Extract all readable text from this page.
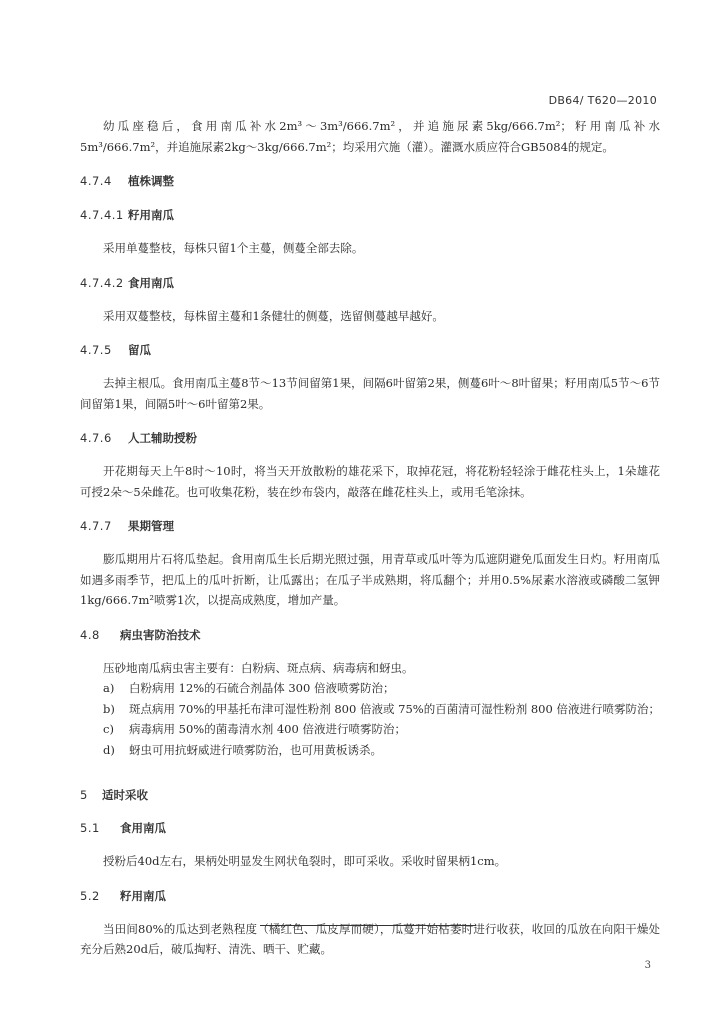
DB64/ T620—2010
幼瓜座稳后，食用南瓜补水2m³～3m³/666.7m²，并追施尿素5kg/666.7m²；籽用南瓜补水5m³/666.7m²，并追施尿素2kg～3kg/666.7m²；均采用穴施（灌）。灌溉水质应符合GB5084的规定。
4.7.4 植株调整
4.7.4.1 籽用南瓜
采用单蔓整枝，每株只留1个主蔓，侧蔓全部去除。
4.7.4.2 食用南瓜
采用双蔓整枝，每株留主蔓和1条健壮的侧蔓，选留侧蔓越早越好。
4.7.5 留瓜
去掉主根瓜。食用南瓜主蔓8节～13节间留第1果，间隔6叶留第2果，侧蔓6叶～8叶留果；籽用南瓜5节～6节间留第1果，间隔5叶～6叶留第2果。
4.7.6 人工辅助授粉
开花期每天上午8时～10时，将当天开放散粉的雄花采下，取掉花冠，将花粉轻轻涂于雌花柱头上，1朵雄花可授2朵～5朵雌花。也可收集花粉，装在纱布袋内，敲落在雌花柱头上，或用毛笔涂抹。
4.7.7 果期管理
膨瓜期用片石将瓜垫起。食用南瓜生长后期光照过强，用青草或瓜叶等为瓜遮阴避免瓜面发生日灼。籽用南瓜如遇多雨季节，把瓜上的瓜叶折断，让瓜露出；在瓜子半成熟期，将瓜翻个；并用0.5%尿素水溶液或磷酸二氢钾1kg/666.7m²喷雾1次，以提高成熟度，增加产量。
4.8 病虫害防治技术
压砂地南瓜病虫害主要有：白粉病、斑点病、病毒病和蚜虫。
a) 白粉病用 12%的石硫合剂晶体 300 倍液喷雾防治；
b) 斑点病用 70%的甲基托布津可湿性粉剂 800 倍液或 75%的百菌清可湿性粉剂 800 倍液进行喷雾防治；
c) 病毒病用 50%的菌毒清水剂 400 倍液进行喷雾防治；
d) 蚜虫可用抗蚜威进行喷雾防治，也可用黄板诱杀。
5 适时采收
5.1 食用南瓜
授粉后40d左右，果柄处明显发生网状龟裂时，即可采收。采收时留果柄1cm。
5.2 籽用南瓜
当田间80%的瓜达到老熟程度（橘红色、瓜皮厚而硬），瓜蔓开始枯萎时进行收获，收回的瓜放在向阳干燥处充分后熟20d后，破瓜掏籽、清洗、晒干、贮藏。
3
